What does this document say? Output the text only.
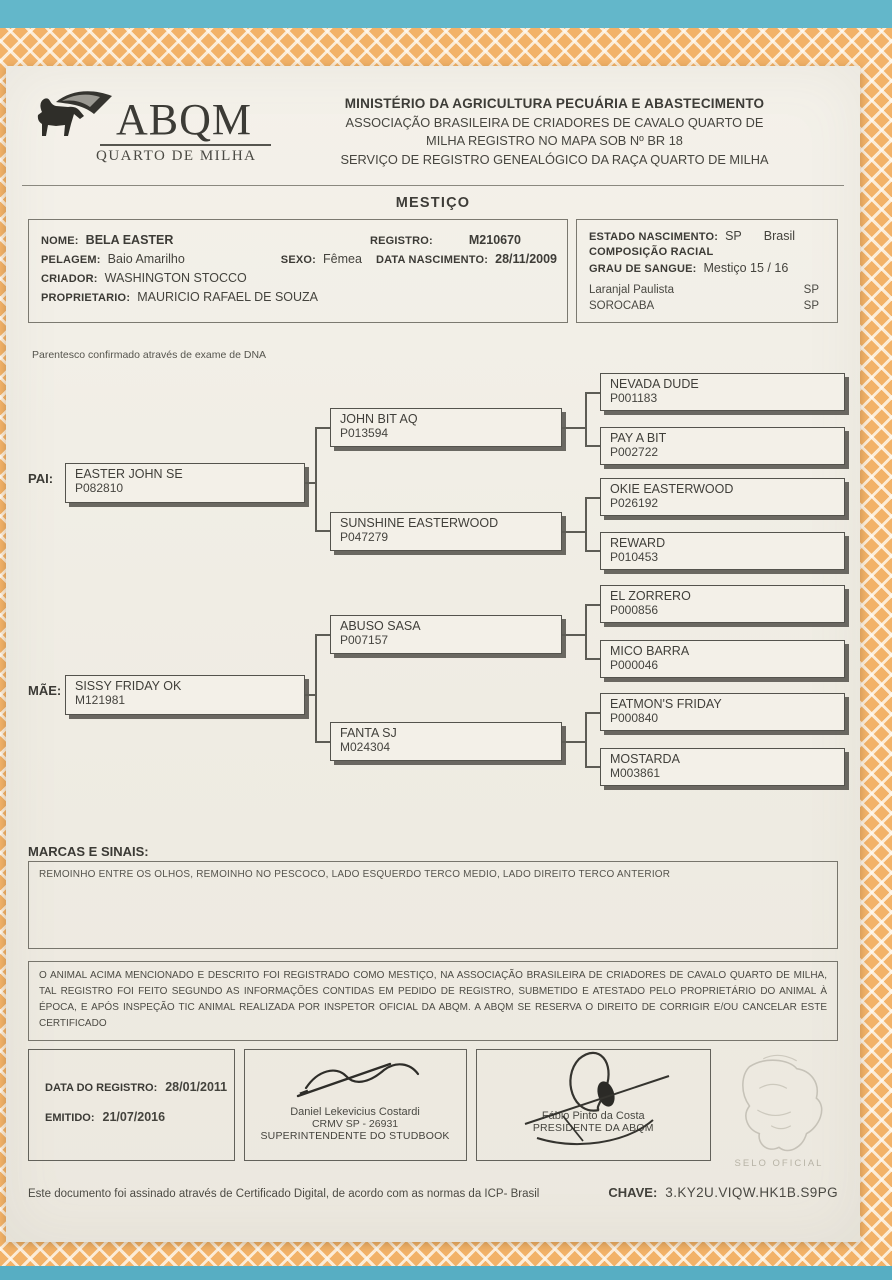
ABQM
QUARTO DE MILHA
MINISTÉRIO DA AGRICULTURA PECUÁRIA E ABASTECIMENTO
ASSOCIAÇÃO BRASILEIRA DE CRIADORES DE CAVALO QUARTO DE
MILHA REGISTRO NO MAPA SOB Nº BR 18
SERVIÇO DE REGISTRO GENEALÓGICO DA RAÇA QUARTO DE MILHA
MESTIÇO
NOME: BELA EASTER	REGISTRO:	M210670
PELAGEM: Baio Amarilho	SEXO: Fêmea DATA NASCIMENTO: 28/11/2009
CRIADOR: WASHINGTON STOCCO
PROPRIETARIO: MAURICIO RAFAEL DE SOUZA
ESTADO NASCIMENTO: SP Brasil
COMPOSIÇÃO RACIAL
GRAU DE SANGUE: Mestiço 15 / 16
Laranjal Paulista	SP
SOROCABA	SP
Parentesco confirmado através de exame de DNA
PAI:
MÃE:
EASTER JOHN SE
P082810
SISSY FRIDAY OK
M121981
JOHN BIT AQ
P013594
SUNSHINE EASTERWOOD
P047279
ABUSO SASA
P007157
FANTA SJ
M024304
NEVADA DUDE
P001183
PAY A BIT
P002722
OKIE EASTERWOOD
P026192
REWARD
P010453
EL ZORRERO
P000856
MICO BARRA
P000046
EATMON'S FRIDAY
P000840
MOSTARDA
M003861
MARCAS E SINAIS:
REMOINHO ENTRE OS OLHOS, REMOINHO NO PESCOCO, LADO ESQUERDO TERCO MEDIO, LADO DIREITO TERCO ANTERIOR
O ANIMAL ACIMA MENCIONADO E DESCRITO FOI REGISTRADO COMO MESTIÇO, NA ASSOCIAÇÃO BRASILEIRA DE CRIADORES DE CAVALO QUARTO DE MILHA, TAL REGISTRO FOI FEITO SEGUNDO AS INFORMAÇÕES CONTIDAS EM PEDIDO DE REGISTRO, SUBMETIDO E ATESTADO PELO PROPRIETÁRIO DO ANIMAL À ÉPOCA, E APÓS INSPEÇÃO TIC ANIMAL REALIZADA POR INSPETOR OFICIAL DA ABQM. A ABQM SE RESERVA O DIREITO DE CORRIGIR E/OU CANCELAR ESTE CERTIFICADO
DATA DO REGISTRO: 28/01/2011
EMITIDO: 21/07/2016	Daniel Lekevicius Costardi
CRMV SP - 26931
SUPERINTENDENTE DO STUDBOOK
Fábio Pinto da Costa
PRESIDENTE DA ABQM
SELO OFICIAL
Este documento foi assinado através de Certificado Digital, de acordo com as normas da ICP- Brasil	CHAVE: 3.KY2U.VIQW.HK1B.S9PG
